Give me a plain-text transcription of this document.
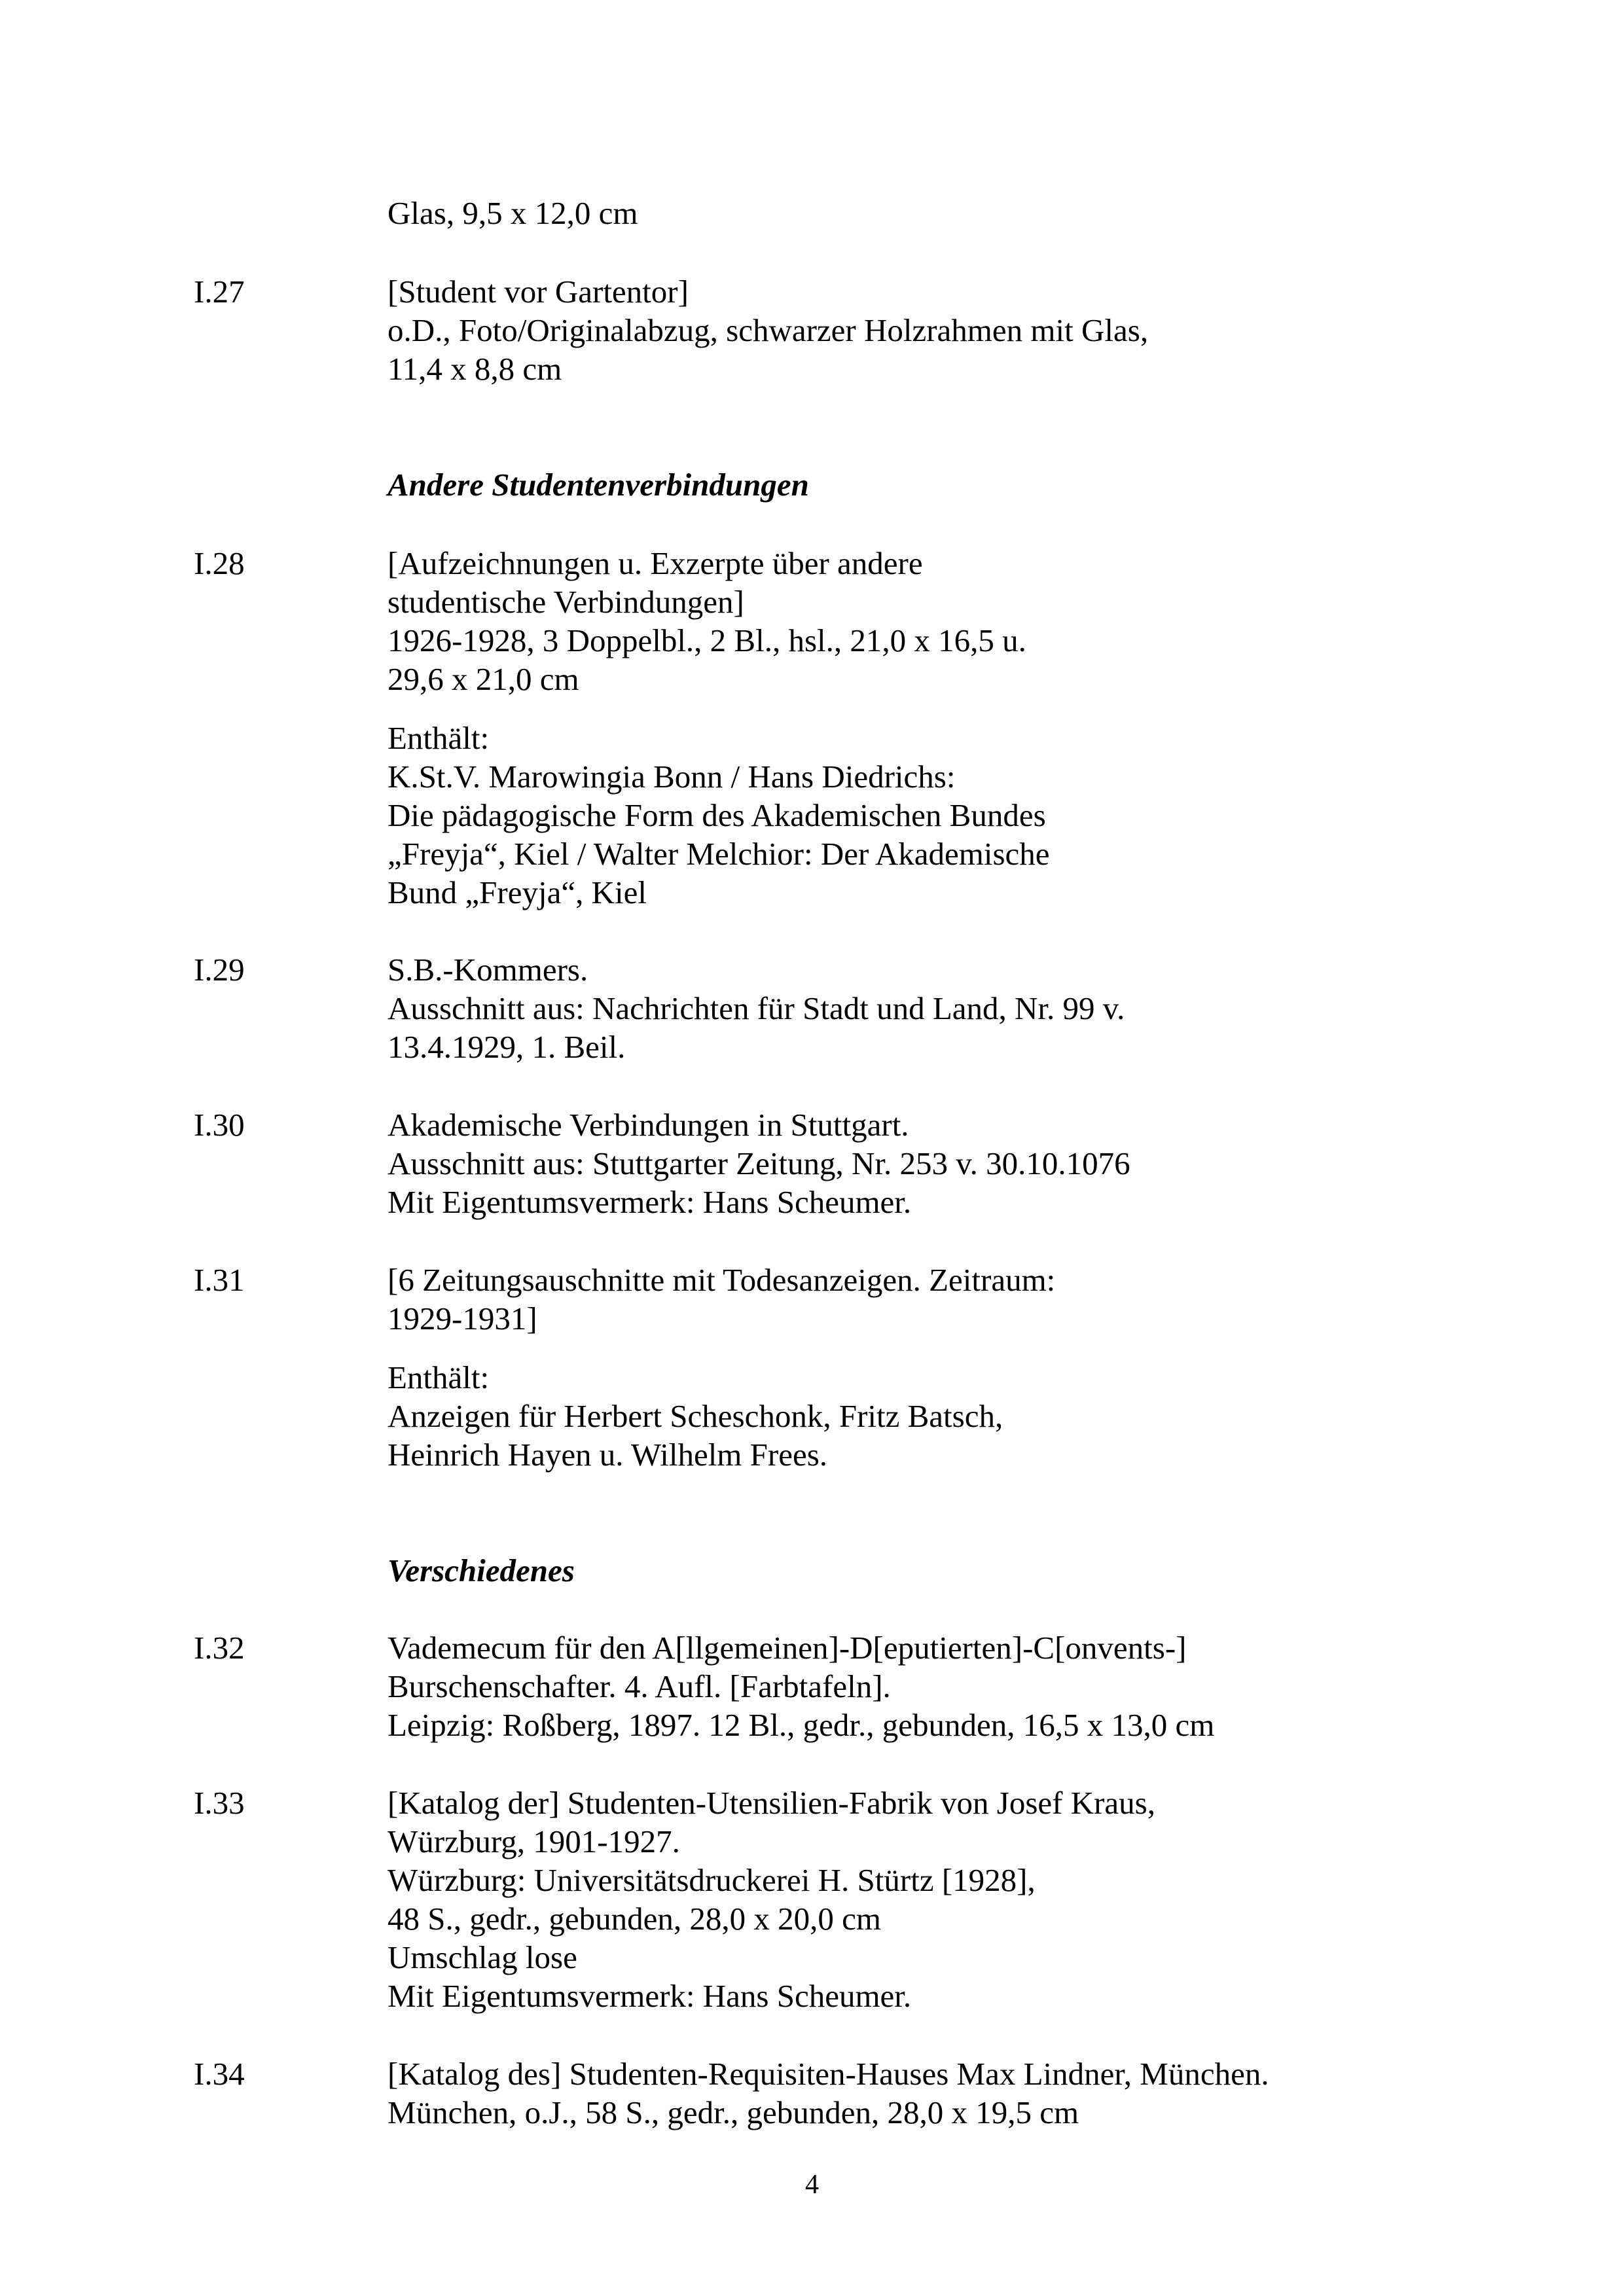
Glas, 9,5 x 12,0 cm
I.27	[Student vor Gartentor]
o.D., Foto/Originalabzug, schwarzer Holzrahmen mit Glas,
11,4 x 8,8 cm
Andere Studentenverbindungen
I.28	[Aufzeichnungen u. Exzerpte über andere
studentische Verbindungen]
1926-1928, 3 Doppelbl., 2 Bl., hsl., 21,0 x 16,5 u.
29,6 x 21,0 cm
Enthält:
K.St.V. Marowingia Bonn / Hans Diedrichs:
Die pädagogische Form des Akademischen Bundes
„Freyja“, Kiel / Walter Melchior: Der Akademische
Bund „Freyja“, Kiel
I.29	S.B.-Kommers.
Ausschnitt aus: Nachrichten für Stadt und Land, Nr. 99 v.
13.4.1929, 1. Beil.
I.30	Akademische Verbindungen in Stuttgart.
Ausschnitt aus: Stuttgarter Zeitung, Nr. 253 v. 30.10.1076
Mit Eigentumsvermerk: Hans Scheumer.
I.31	[6 Zeitungsauschnitte mit Todesanzeigen. Zeitraum:
1929-1931]
Enthält:
Anzeigen für Herbert Scheschonk, Fritz Batsch,
Heinrich Hayen u. Wilhelm Frees.
Verschiedenes
I.32	Vademecum für den A[llgemeinen]-D[eputierten]-C[onvents-]
Burschenschafter. 4. Aufl. [Farbtafeln].
Leipzig: Roßberg, 1897. 12 Bl., gedr., gebunden, 16,5 x 13,0 cm
I.33	[Katalog der] Studenten-Utensilien-Fabrik von Josef Kraus,
Würzburg, 1901-1927.
Würzburg: Universitätsdruckerei H. Stürtz [1928],
48 S., gedr., gebunden, 28,0 x 20,0 cm
Umschlag lose
Mit Eigentumsvermerk: Hans Scheumer.
I.34	[Katalog des] Studenten-Requisiten-Hauses Max Lindner, München.
München, o.J., 58 S., gedr., gebunden, 28,0 x 19,5 cm
4
